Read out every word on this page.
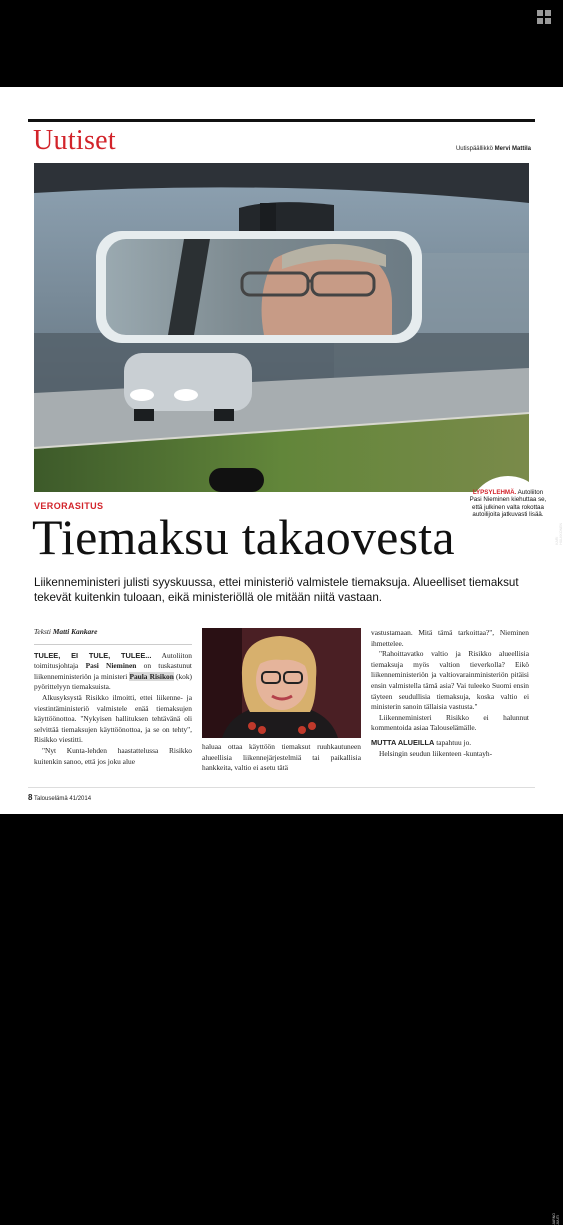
Uutiset	Uutispäällikkö Mervi Mattila
LYPSYLEHMÄ. Autoliiton Pasi Nieminen kiehuttaa se, että julkinen valta rokottaa autoilijoita jatkuvasti lisää.
KARI HULKKONEN
VERORASITUS
Tiemaksu takaovesta
Liikenneministeri julisti syyskuussa, ettei ministeriö valmistele tiemaksuja. Alueelliset tiemaksut tekevät kuitenkin tuloaan, eikä ministeriöllä ole mitään niitä vastaan.
Teksti Matti Kankare

TULEE, EI TULE, TULEE... Autoliiton toimitusjohtaja Pasi Nieminen on tuskastunut liikenneministeriön ja ministeri Paula Risikon (kok) pyörittelyyn tiemaksuista.

Alkusyksystä Risikko ilmoitti, ettei liikenne- ja viestintäministeriö valmistele enää tiemaksujen käyttöönottoa. "Nykyisen hallituksen tehtävänä oli selvittää tiemaksujen käyttöönottoa, ja se on tehty", Risikko viestitti.

"Nyt Kunta-lehden haastattelussa Risikko kuitenkin sanoo, että jos joku alue

JARNO JUUTI
haluaa ottaa käyttöön tiemaksut ruuhkautuneen alueellisia liikennejärjestelmiä tai paikallisia hankkeita, valtio ei asetu tätä

vastustamaan. Mitä tämä tarkoittaa?", Nieminen ihmettelee.

"Rahoittavatko valtio ja Risikko alueellisia tiemaksuja myös valtion tieverkolla? Eikö liikenneministeriön ja valtiovarainministeriön pitäisi ensin valmistella tämä asia? Vai tuleeko Suomi ensin täyteen seudullisia tiemaksuja, koska valtio ei ministerin sanoin tällaisia vastusta."

Liikenneministeri Risikko ei halunnut kommentoida asiaa Talouselämälle.

MUTTA ALUEILLA tapahtuu jo.

Helsingin seudun liikenteen -kuntayh-

8 Talouselämä 41/2014
